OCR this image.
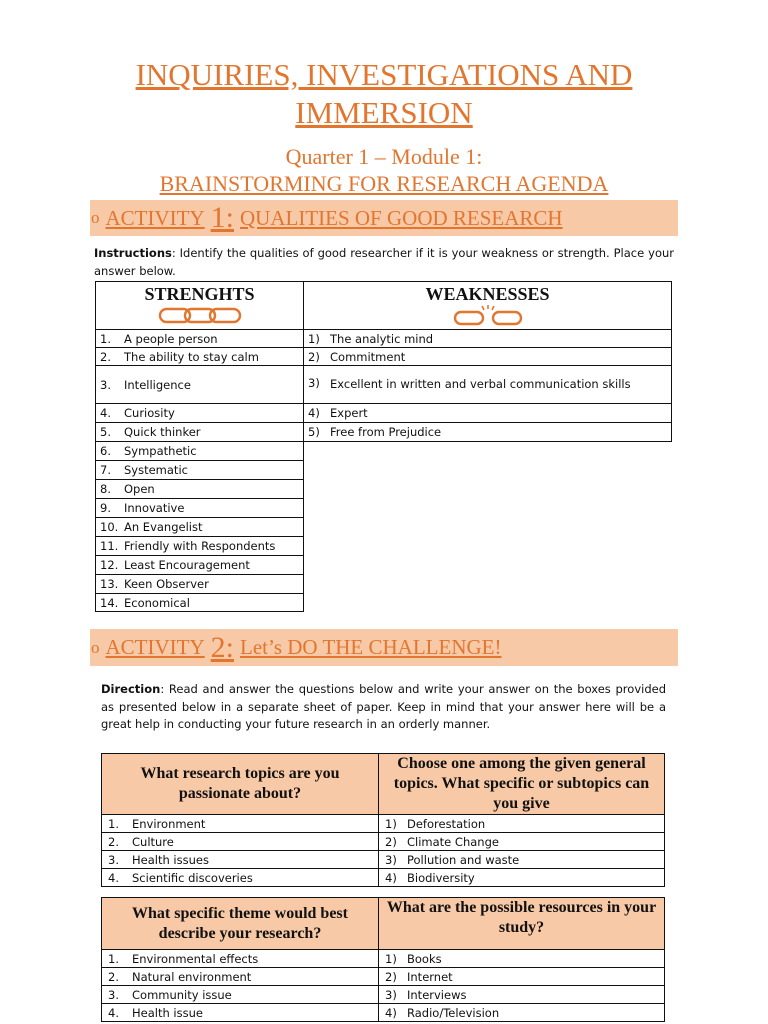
INQUIRIES, INVESTIGATIONS AND
IMMERSION
Quarter 1 – Module 1:
BRAINSTORMING FOR RESEARCH AGENDA
o ACTIVITY 1: QUALITIES OF GOOD RESEARCH
Instructions: Identify the qualities of good researcher if it is your weakness or strength. Place your answer below.
STRENGHTS	WEAKNESSES

1. A people person	1) The analytic mind
2. The ability to stay calm	2) Commitment
3. Intelligence	3) Excellent in written and verbal communication skills

4. Curiosity	4) Expert
5. Quick thinker	5) Free from Prejudice
6. Sympathetic
7. Systematic
8. Open
9. Innovative
10. An Evangelist
11. Friendly with Respondents
12. Least Encouragement
13. Keen Observer
14. Economical
o ACTIVITY 2: Let’s DO THE CHALLENGE!
Direction: Read and answer the questions below and write your answer on the boxes provided as presented below in a separate sheet of paper. Keep in mind that your answer here will be a great help in conducting your future research in an orderly manner.
What research topics are you passionate about?	Choose one among the given general topics. What specific or subtopics can you give
1. Environment	1) Deforestation
2. Culture	2) Climate Change
3. Health issues	3) Pollution and waste
4. Scientific discoveries	4) Biodiversity
What specific theme would best describe your research?	What are the possible resources in your study?
1. Environmental effects	1) Books
2. Natural environment	2) Internet
3. Community issue	3) Interviews
4. Health issue	4) Radio/Television
